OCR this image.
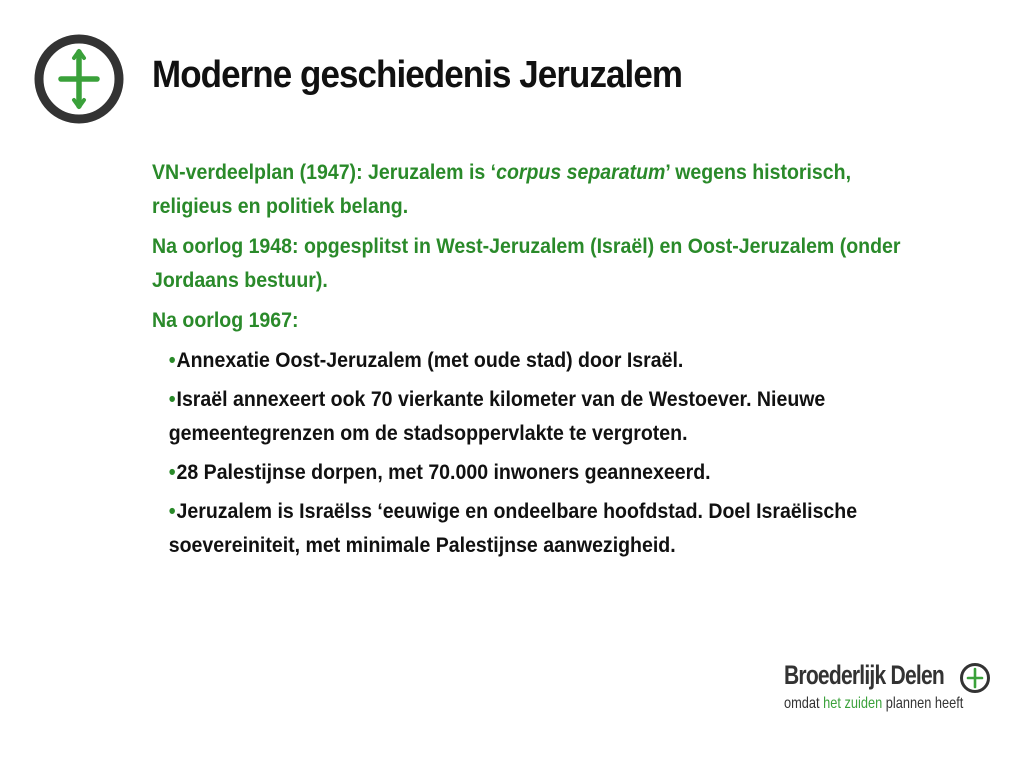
Moderne geschiedenis Jeruzalem

VN-verdeelplan (1947): Jeruzalem is ‘corpus separatum’ wegens historisch, religieus en politiek belang.

Na oorlog 1948: opgesplitst in West-Jeruzalem (Israël) en Oost-Jeruzalem (onder Jordaans bestuur).

Na oorlog 1967:

•Annexatie Oost-Jeruzalem (met oude stad) door Israël.

•Israël annexeert ook 70 vierkante kilometer van de Westoever. Nieuwe gemeentegrenzen om de stadsoppervlakte te vergroten.

•28 Palestijnse dorpen, met 70.000 inwoners geannexeerd.

•Jeruzalem is Israëlss ‘eeuwige en ondeelbare hoofdstad. Doel Israëlische soevereiniteit, met minimale Palestijnse aanwezigheid.

Broederlijk Delen
omdat het zuiden plannen heeft
